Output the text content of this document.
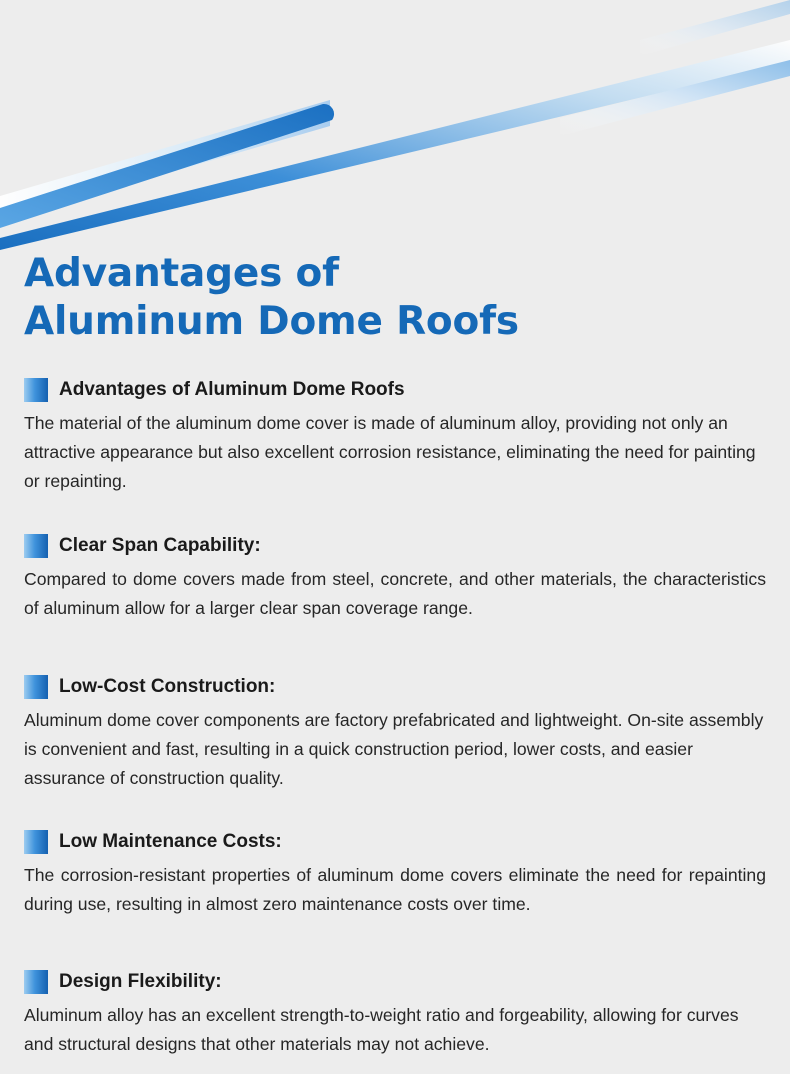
Advantages of
Aluminum Dome Roofs
Advantages of Aluminum Dome Roofs

The material of the aluminum dome cover is made of aluminum alloy, providing not only an attractive appearance but also excellent corrosion resistance, eliminating the need for painting or repainting.

Clear Span Capability:

Compared to dome covers made from steel, concrete, and other materials, the characteristics of aluminum allow for a larger clear span coverage range.

Low-Cost Construction:

Aluminum dome cover components are factory prefabricated and lightweight. On-site assembly is convenient and fast, resulting in a quick construction period, lower costs, and easier assurance of construction quality.

Low Maintenance Costs:

The corrosion-resistant properties of aluminum dome covers eliminate the need for repainting during use, resulting in almost zero maintenance costs over time.

Design Flexibility:

Aluminum alloy has an excellent strength-to-weight ratio and forgeability, allowing for curves and structural designs that other materials may not achieve.
